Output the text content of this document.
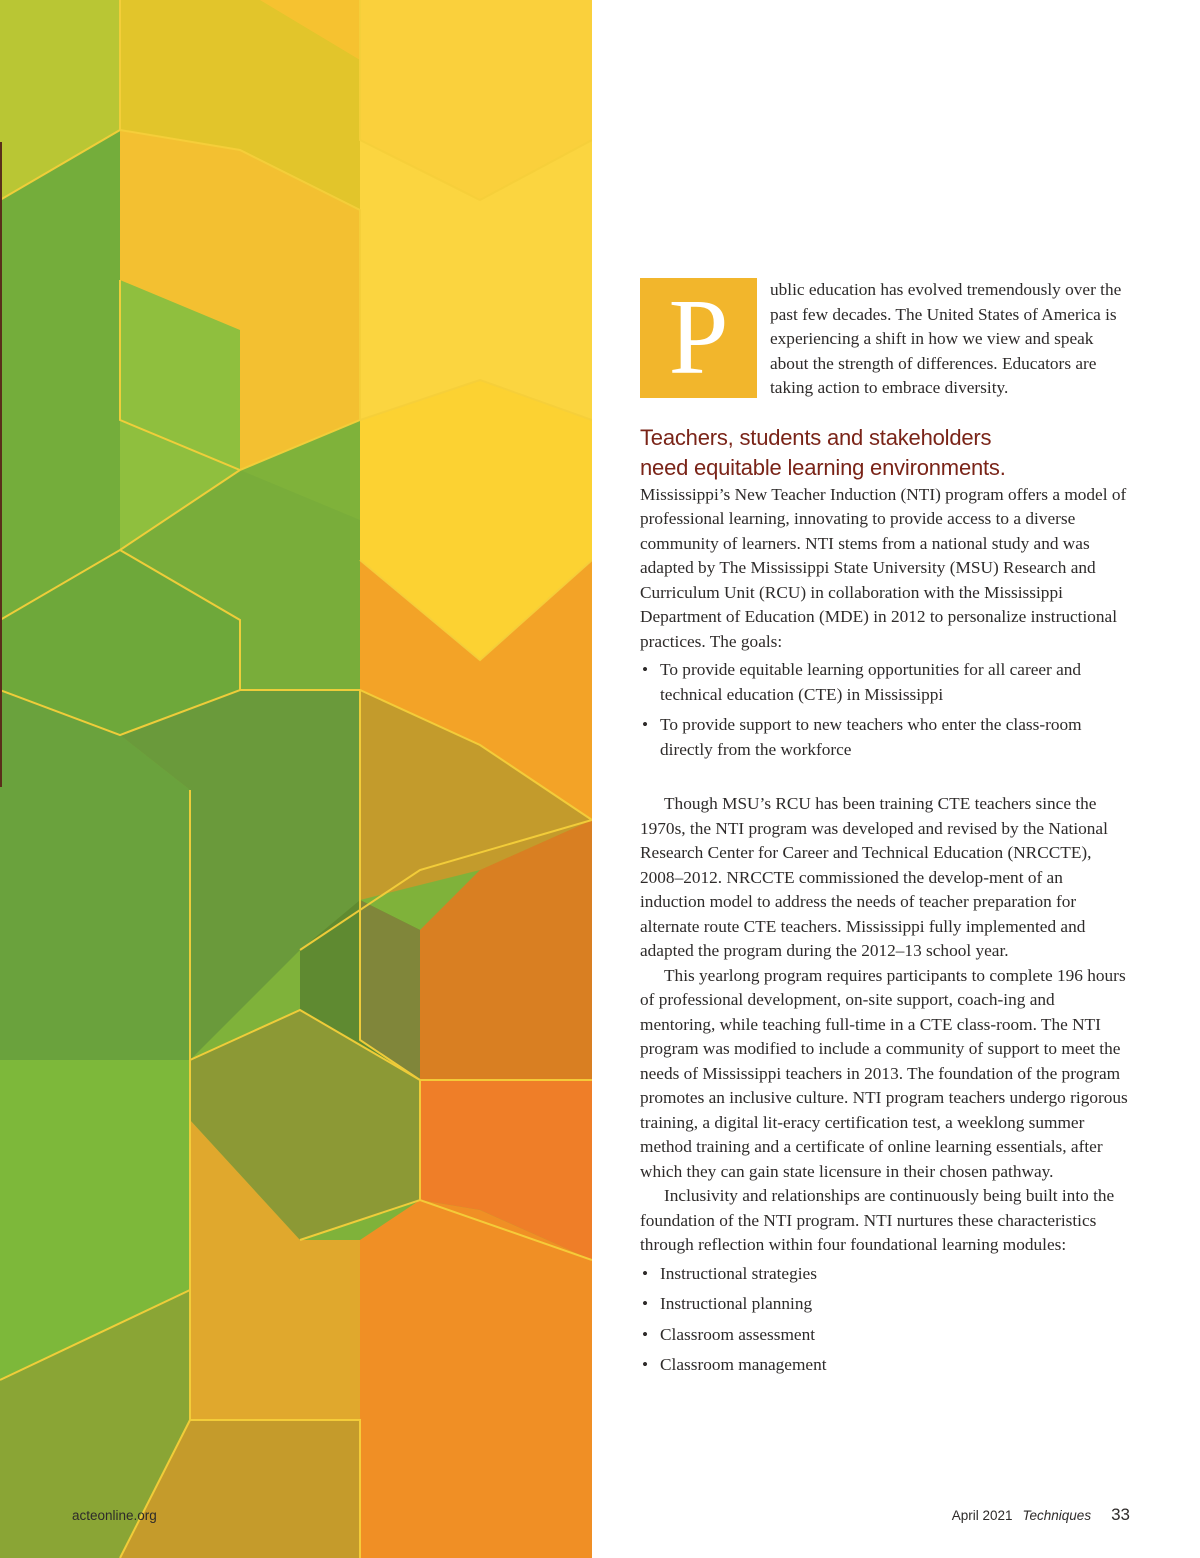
P	ublic education has evolved tremendously over the past few decades. The United States of America is experiencing a shift in how we view and speak about the strength of differences. Educators are taking action to embrace diversity.

Teachers, students and stakeholders
need equitable learning environments.

Mississippi’s New Teacher Induction (NTI) program offers a model of professional learning, innovating to provide access to a diverse community of learners. NTI stems from a national study and was adapted by The Mississippi State University (MSU) Research and Curriculum Unit (RCU) in collaboration with the Mississippi Department of Education (MDE) in 2012 to personalize instructional practices. The goals:

• To provide equitable learning opportunities for all career and technical education (CTE) in Mississippi
• To provide support to new teachers who enter the class-room directly from the workforce

Though MSU’s RCU has been training CTE teachers since the 1970s, the NTI program was developed and revised by the National Research Center for Career and Technical Education (NRCCTE), 2008–2012. NRCCTE commissioned the develop-ment of an induction model to address the needs of teacher preparation for alternate route CTE teachers. Mississippi fully implemented and adapted the program during the 2012–13 school year.

This yearlong program requires participants to complete 196 hours of professional development, on-site support, coach-ing and mentoring, while teaching full-time in a CTE class-room. The NTI program was modified to include a community of support to meet the needs of Mississippi teachers in 2013. The foundation of the program promotes an inclusive culture. NTI program teachers undergo rigorous training, a digital lit-eracy certification test, a weeklong summer method training and a certificate of online learning essentials, after which they can gain state licensure in their chosen pathway.

Inclusivity and relationships are continuously being built into the foundation of the NTI program. NTI nurtures these characteristics through reflection within four foundational learning modules:

• Instructional strategies
• Instructional planning
• Classroom assessment
• Classroom management
acteonline.org	April 2021 Techniques 33
